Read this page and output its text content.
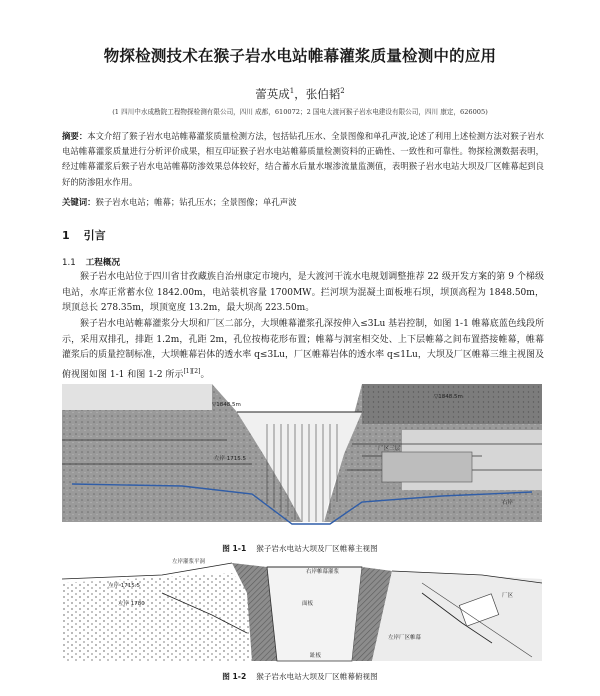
物探检测技术在猴子岩水电站帷幕灌浆质量检测中的应用
蕾英成$^1$，张伯韬$^2$
(1 四川中水成勘院工程物探检测有限公司，四川 成都，610072；2 国电大渡河猴子岩水电建设有限公司，四川 康定，626005)
摘要：本文介绍了猴子岩水电站帷幕灌浆质量检测方法，包括钻孔压水、全景图像和单孔声波,论述了利用上述检测方法对猴子岩水电站帷幕灌浆质量进行分析评价成果，相互印证猴子岩水电站帷幕质量检测资料的正确性、一致性和可靠性。物探检测数据表明，经过帷幕灌浆后猴子岩水电站帷幕防渗效果总体较好，结合蓄水后量水堰渗流量监测值，表明猴子岩水电站大坝及厂区帷幕起到良好的防渗阻水作用。
关键词：猴子岩水电站；帷幕；钻孔压水；全景图像；单孔声波
1 引言
1.1 工程概况
猴子岩水电站位于四川省甘孜藏族自治州康定市境内，是大渡河干流水电规划调整推荐 22 级开发方案的第 9 个梯级电站，水库正常蓄水位 1842.00m，电站装机容量 1700MW。拦河坝为混凝土面板堆石坝，坝顶高程为 1848.50m，坝顶总长 278.35m，坝顶宽度 13.2m，最大坝高 223.50m。
猴子岩水电站帷幕灌浆分大坝和厂区二部分，大坝帷幕灌浆孔深按伸入≤3Lu 基岩控制，如图 1-1 帷幕底蓝色线段所示，采用双排孔，排距 1.2m，孔距 2m，孔位按梅花形布置；帷幕与洞室相交处、上下层帷幕之间布置搭接帷幕，帷幕灌浆后的质量控制标准，大坝帷幕岩体的透水率 q≤3Lu，厂区帷幕岩体的透水率 q≤1Lu，大坝及厂区帷幕三维主视图及俯视图如图 1-1 和图 1-2 所示[1][2]。
▽1848.5m
▽1848.5m
左岸 1715.5
厂区三层
右岸
图 1-1 猴子岩水电站大坝及厂区帷幕主视图
左岸灌浆平洞
左岸 1715.5
左岸 1780	面板
右岸帷幕灌浆
左岸厂区帷幕
厂区
趾板
图 1-2 猴子岩水电站大坝及厂区帷幕俯视图
